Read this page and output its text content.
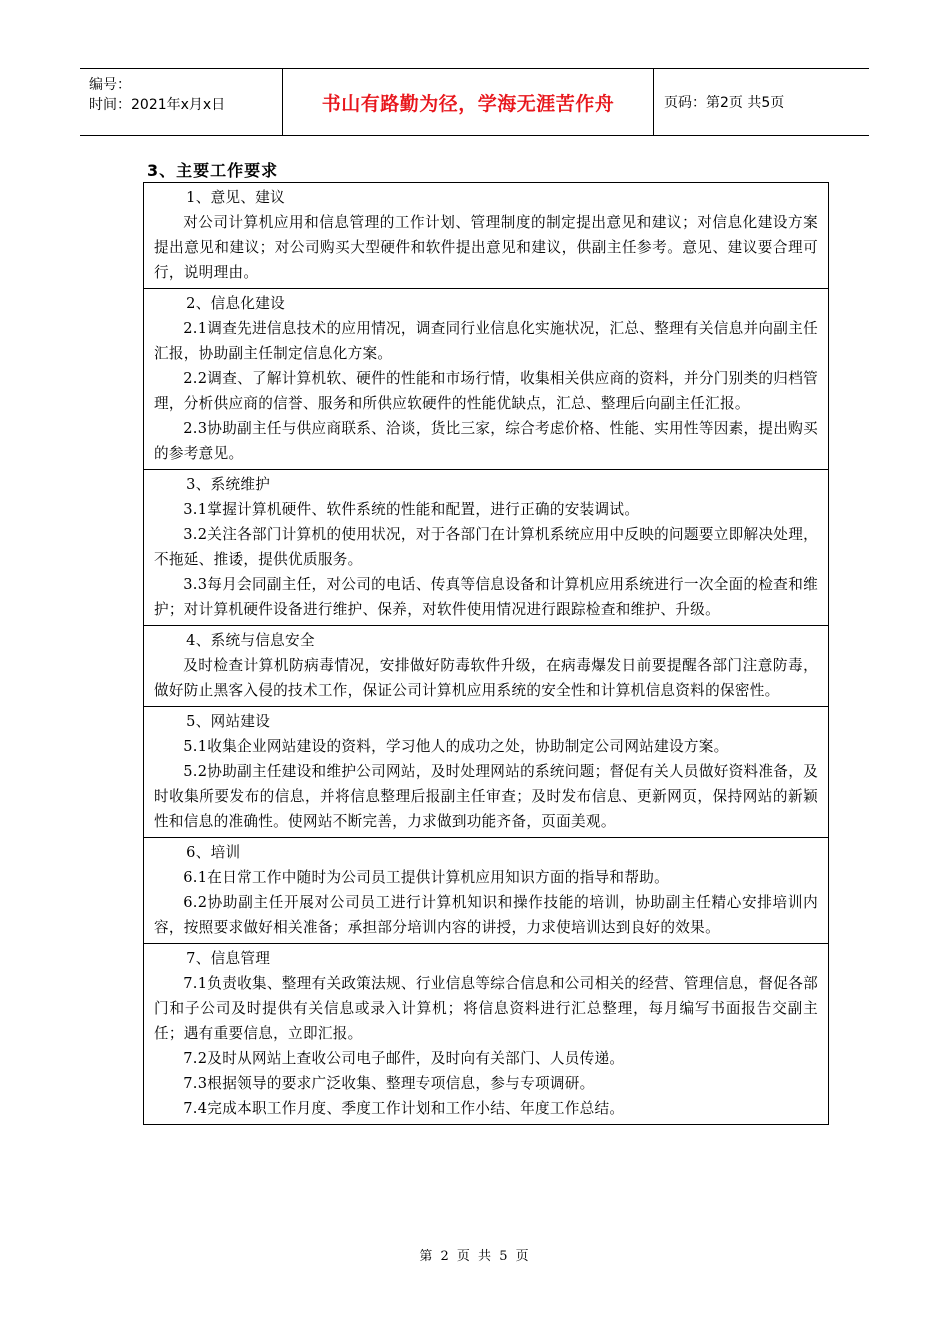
编号：
时间：2021年x月x日	书山有路勤为径，学海无涯苦作舟	页码：第2页 共5页
3、主要工作要求

1、意见、建议

对公司计算机应用和信息管理的工作计划、管理制度的制定提出意见和建议；对信息化建设方案提出意见和建议；对公司购买大型硬件和软件提出意见和建议，供副主任参考。意见、建议要合理可行，说明理由。

2、信息化建设

2.1调查先进信息技术的应用情况，调查同行业信息化实施状况，汇总、整理有关信息并向副主任汇报，协助副主任制定信息化方案。

2.2调查、了解计算机软、硬件的性能和市场行情，收集相关供应商的资料，并分门别类的归档管理，分析供应商的信誉、服务和所供应软硬件的性能优缺点，汇总、整理后向副主任汇报。

2.3协助副主任与供应商联系、洽谈，货比三家，综合考虑价格、性能、实用性等因素，提出购买的参考意见。

3、系统维护

3.1掌握计算机硬件、软件系统的性能和配置，进行正确的安装调试。

3.2关注各部门计算机的使用状况，对于各部门在计算机系统应用中反映的问题要立即解决处理，不拖延、推诿，提供优质服务。

3.3每月会同副主任，对公司的电话、传真等信息设备和计算机应用系统进行一次全面的检查和维护；对计算机硬件设备进行维护、保养，对软件使用情况进行跟踪检查和维护、升级。

4、系统与信息安全

及时检查计算机防病毒情况，安排做好防毒软件升级，在病毒爆发日前要提醒各部门注意防毒，做好防止黑客入侵的技术工作，保证公司计算机应用系统的安全性和计算机信息资料的保密性。

5、网站建设

5.1收集企业网站建设的资料，学习他人的成功之处，协助制定公司网站建设方案。

5.2协助副主任建设和维护公司网站，及时处理网站的系统问题；督促有关人员做好资料准备，及时收集所要发布的信息，并将信息整理后报副主任审查；及时发布信息、更新网页，保持网站的新颖性和信息的准确性。使网站不断完善，力求做到功能齐备，页面美观。

6、培训

6.1在日常工作中随时为公司员工提供计算机应用知识方面的指导和帮助。

6.2协助副主任开展对公司员工进行计算机知识和操作技能的培训，协助副主任精心安排培训内容，按照要求做好相关准备；承担部分培训内容的讲授，力求使培训达到良好的效果。

7、信息管理

7.1负责收集、整理有关政策法规、行业信息等综合信息和公司相关的经营、管理信息，督促各部门和子公司及时提供有关信息或录入计算机；将信息资料进行汇总整理，每月编写书面报告交副主任；遇有重要信息，立即汇报。

7.2及时从网站上查收公司电子邮件，及时向有关部门、人员传递。

7.3根据领导的要求广泛收集、整理专项信息，参与专项调研。

7.4完成本职工作月度、季度工作计划和工作小结、年度工作总结。

第 2 页 共 5 页
